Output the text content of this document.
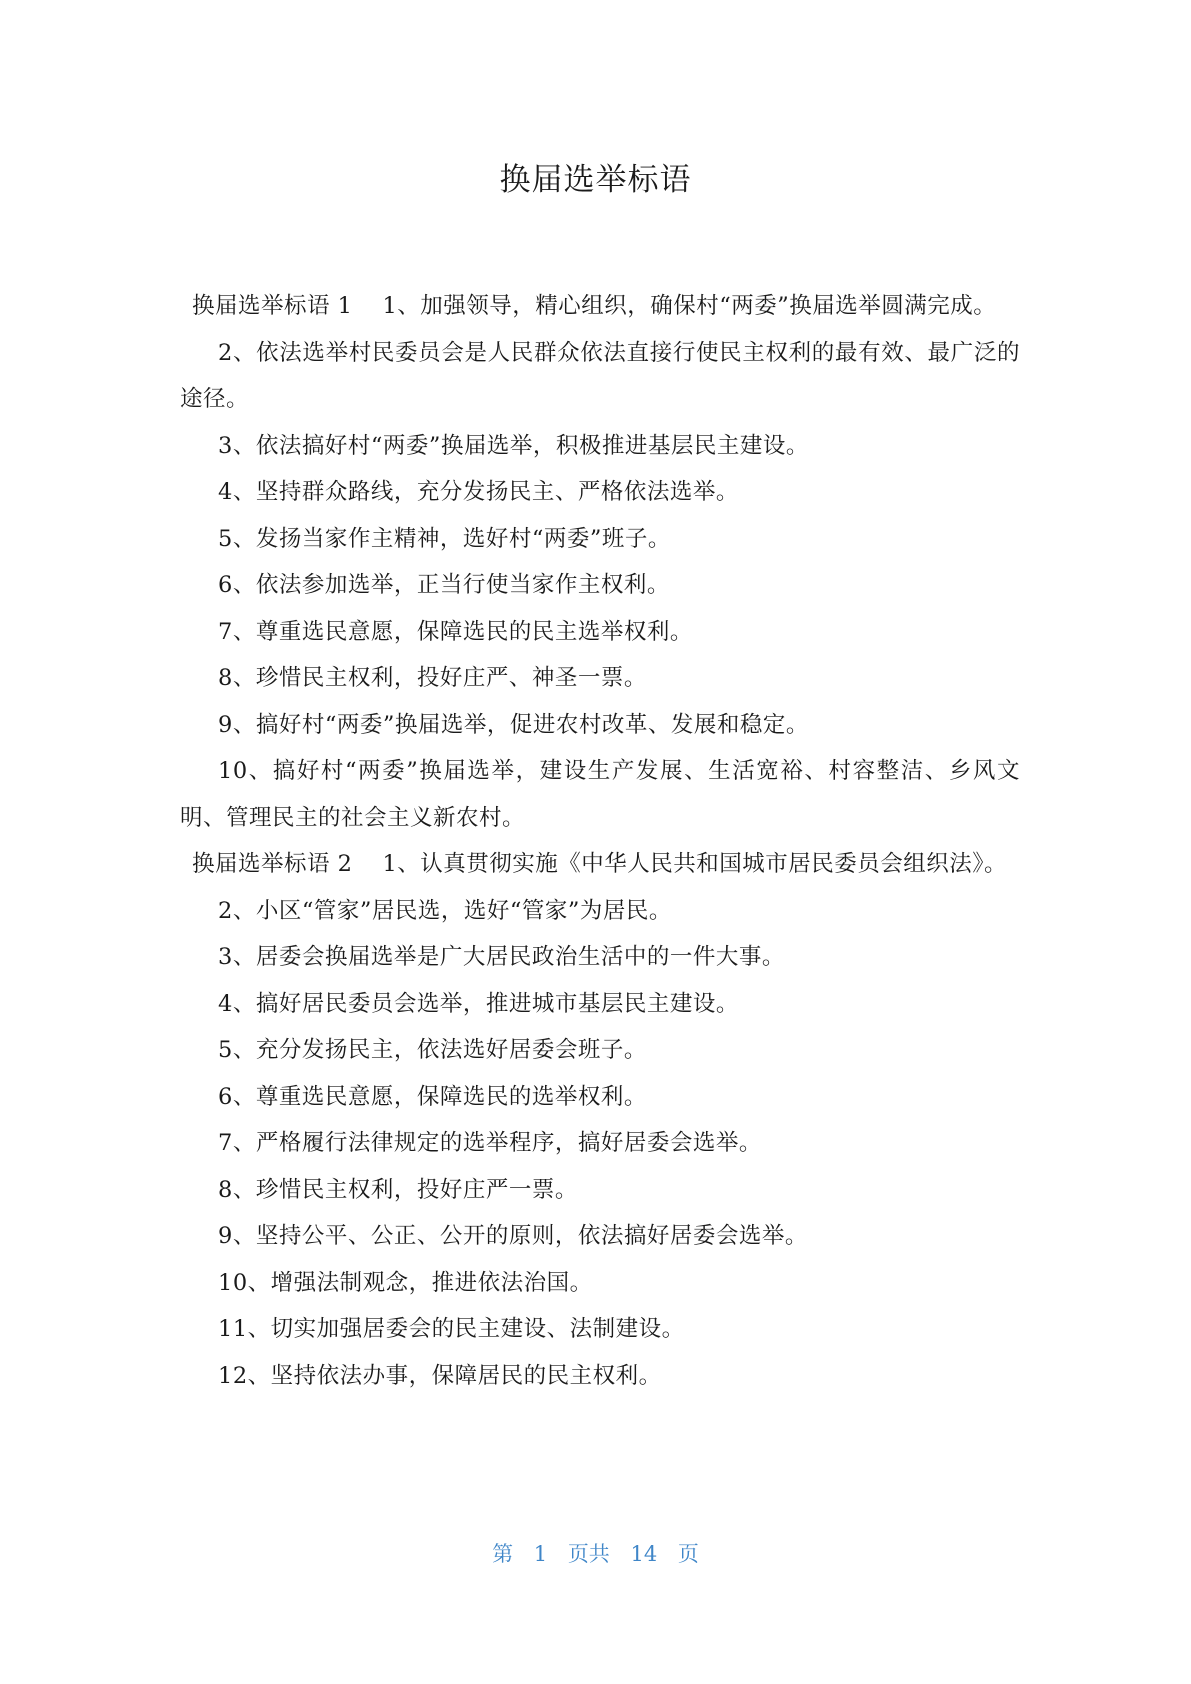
换届选举标语

换届选举标语 1 1、加强领导，精心组织，确保村“两委”换届选举圆满完成。

2、依法选举村民委员会是人民群众依法直接行使民主权利的最有效、最广泛的途径。

3、依法搞好村“两委”换届选举，积极推进基层民主建设。

4、坚持群众路线，充分发扬民主、严格依法选举。

5、发扬当家作主精神，选好村“两委”班子。

6、依法参加选举，正当行使当家作主权利。

7、尊重选民意愿，保障选民的民主选举权利。

8、珍惜民主权利，投好庄严、神圣一票。

9、搞好村“两委”换届选举，促进农村改革、发展和稳定。

10、搞好村“两委”换届选举，建设生产发展、生活宽裕、村容整洁、乡风文明、管理民主的社会主义新农村。

换届选举标语 2 1、认真贯彻实施《中华人民共和国城市居民委员会组织法》。

2、小区“管家”居民选，选好“管家”为居民。

3、居委会换届选举是广大居民政治生活中的一件大事。

4、搞好居民委员会选举，推进城市基层民主建设。

5、充分发扬民主，依法选好居委会班子。

6、尊重选民意愿，保障选民的选举权利。

7、严格履行法律规定的选举程序，搞好居委会选举。

8、珍惜民主权利，投好庄严一票。

9、坚持公平、公正、公开的原则，依法搞好居委会选举。

10、增强法制观念，推进依法治国。

11、切实加强居委会的民主建设、法制建设。

12、坚持依法办事，保障居民的民主权利。

第 1 页共 14 页
